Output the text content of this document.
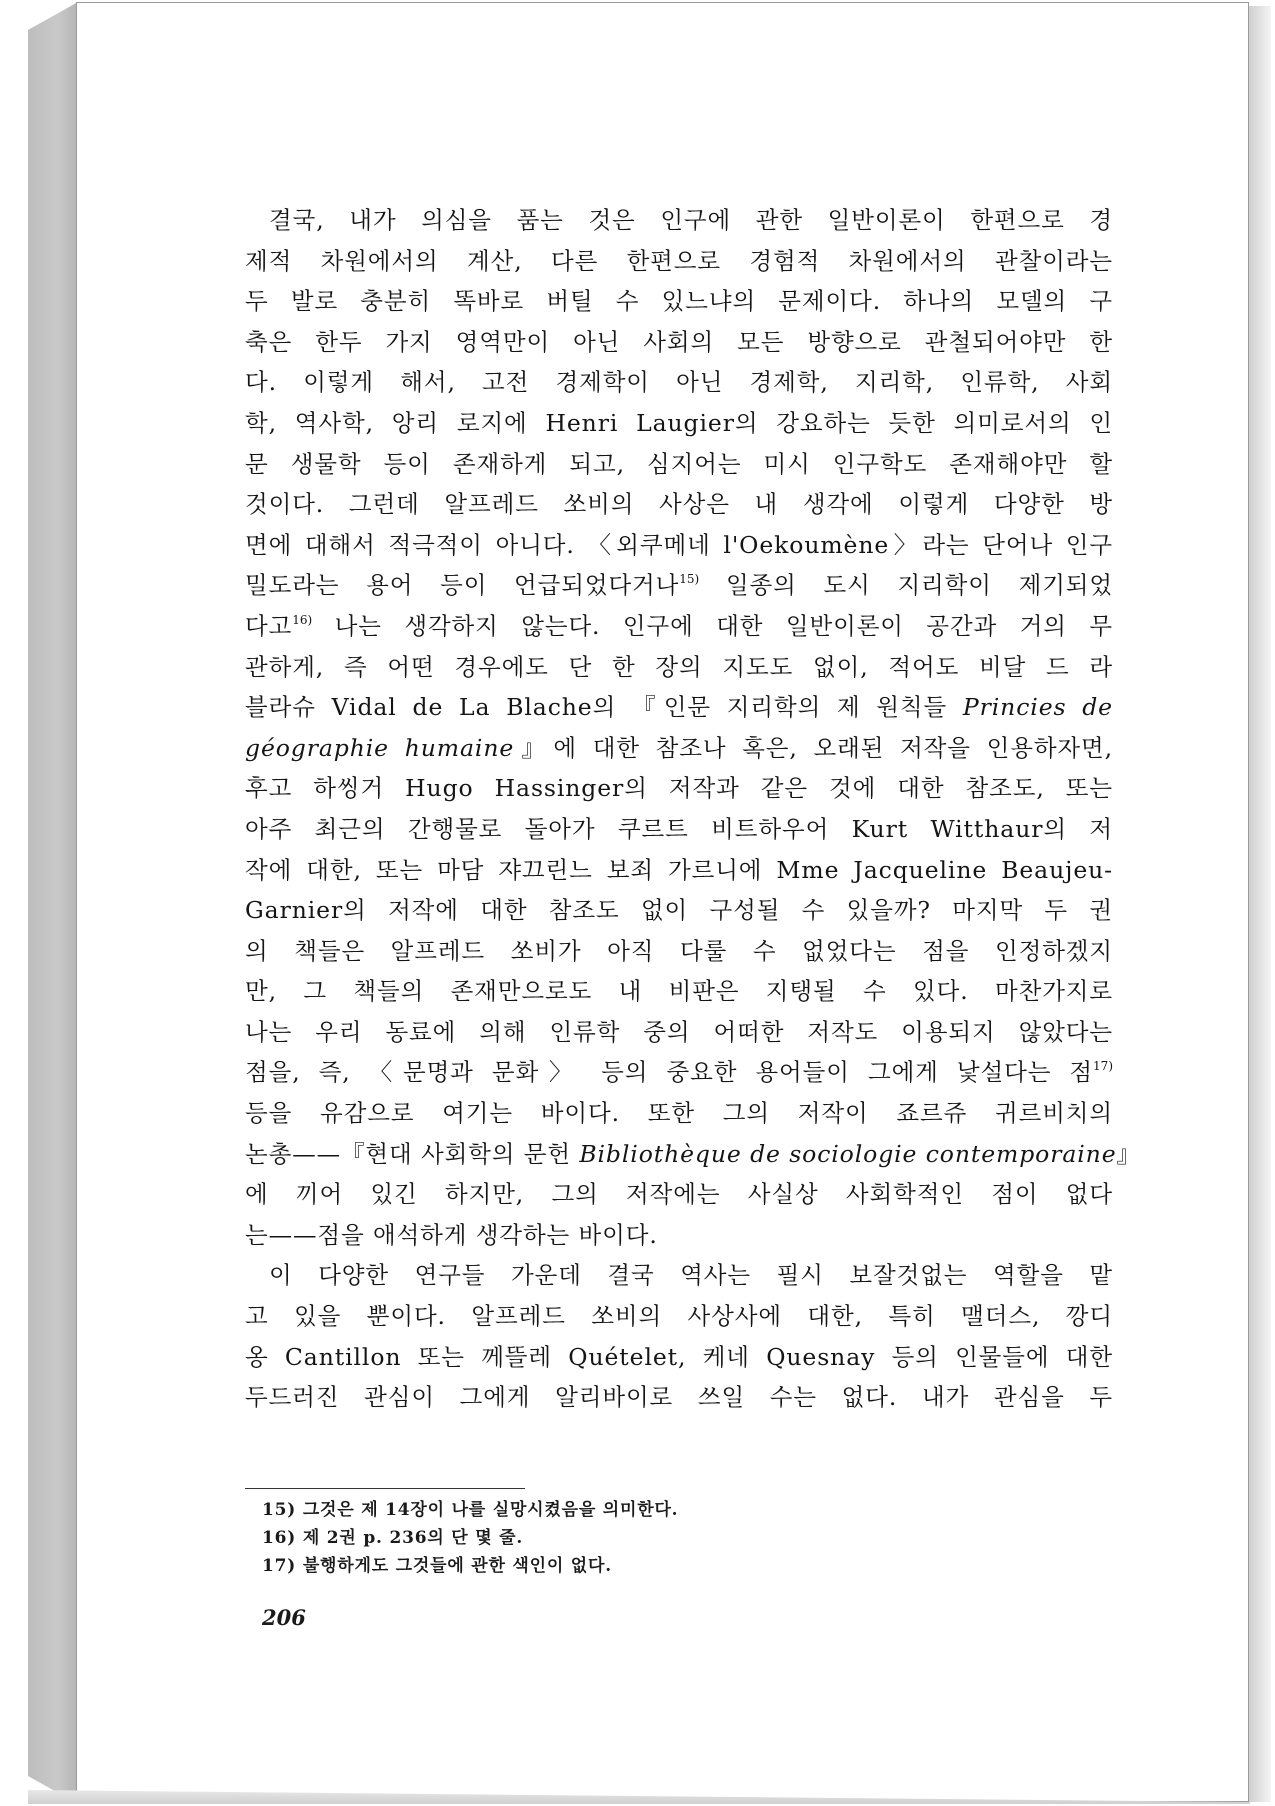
결국, 내가 의심을 품는 것은 인구에 관한 일반이론이 한편으로 경
제적 차원에서의 계산, 다른 한편으로 경험적 차원에서의 관찰이라는
두 발로 충분히 똑바로 버틸 수 있느냐의 문제이다. 하나의 모델의 구
축은 한두 가지 영역만이 아닌 사회의 모든 방향으로 관철되어야만 한
다. 이렇게 해서, 고전 경제학이 아닌 경제학, 지리학, 인류학, 사회
학, 역사학, 앙리 로지에 Henri Laugier의 강요하는 듯한 의미로서의 인
문 생물학 등이 존재하게 되고, 심지어는 미시 인구학도 존재해야만 할
것이다. 그런데 알프레드 쏘비의 사상은 내 생각에 이렇게 다양한 방
면에 대해서 적극적이 아니다. 〈외쿠메네 l'Oekoumène〉라는 단어나 인구
밀도라는 용어 등이 언급되었다거나$^{15)}$ 일종의 도시 지리학이 제기되었
다고$^{16)}$ 나는 생각하지 않는다. 인구에 대한 일반이론이 공간과 거의 무
관하게, 즉 어떤 경우에도 단 한 장의 지도도 없이, 적어도 비달 드 라
블라슈 Vidal de La Blache의 『인문 지리학의 제 원칙들 Princies de
géographie humaine』에 대한 참조나 혹은, 오래된 저작을 인용하자면,
후고 하씽거 Hugo Hassinger의 저작과 같은 것에 대한 참조도, 또는
아주 최근의 간행물로 돌아가 쿠르트 비트하우어 Kurt Witthaur의 저
작에 대한, 또는 마담 쟈끄린느 보죄 가르니에 Mme Jacqueline Beaujeu-
Garnier의 저작에 대한 참조도 없이 구성될 수 있을까? 마지막 두 권
의 책들은 알프레드 쏘비가 아직 다룰 수 없었다는 점을 인정하겠지
만, 그 책들의 존재만으로도 내 비판은 지탱될 수 있다. 마찬가지로
나는 우리 동료에 의해 인류학 중의 어떠한 저작도 이용되지 않았다는
점을, 즉, 〈문명과 문화〉 등의 중요한 용어들이 그에게 낯설다는 점$^{17)}$
등을 유감으로 여기는 바이다. 또한 그의 저작이 죠르쥬 귀르비치의
논총——『현대 사회학의 문헌 Bibliothèque de sociologie contemporaine』
에 끼어 있긴 하지만, 그의 저작에는 사실상 사회학적인 점이 없다
는——점을 애석하게 생각하는 바이다.
이 다양한 연구들 가운데 결국 역사는 필시 보잘것없는 역할을 맡
고 있을 뿐이다. 알프레드 쏘비의 사상사에 대한, 특히 맬더스, 깡디
옹 Cantillon 또는 께뜰레 Quételet, 케네 Quesnay 등의 인물들에 대한
두드러진 관심이 그에게 알리바이로 쓰일 수는 없다. 내가 관심을 두
15) 그것은 제 14장이 나를 실망시켰음을 의미한다.
16) 제 2권 p. 236의 단 몇 줄.
17) 불행하게도 그것들에 관한 색인이 없다.
206
